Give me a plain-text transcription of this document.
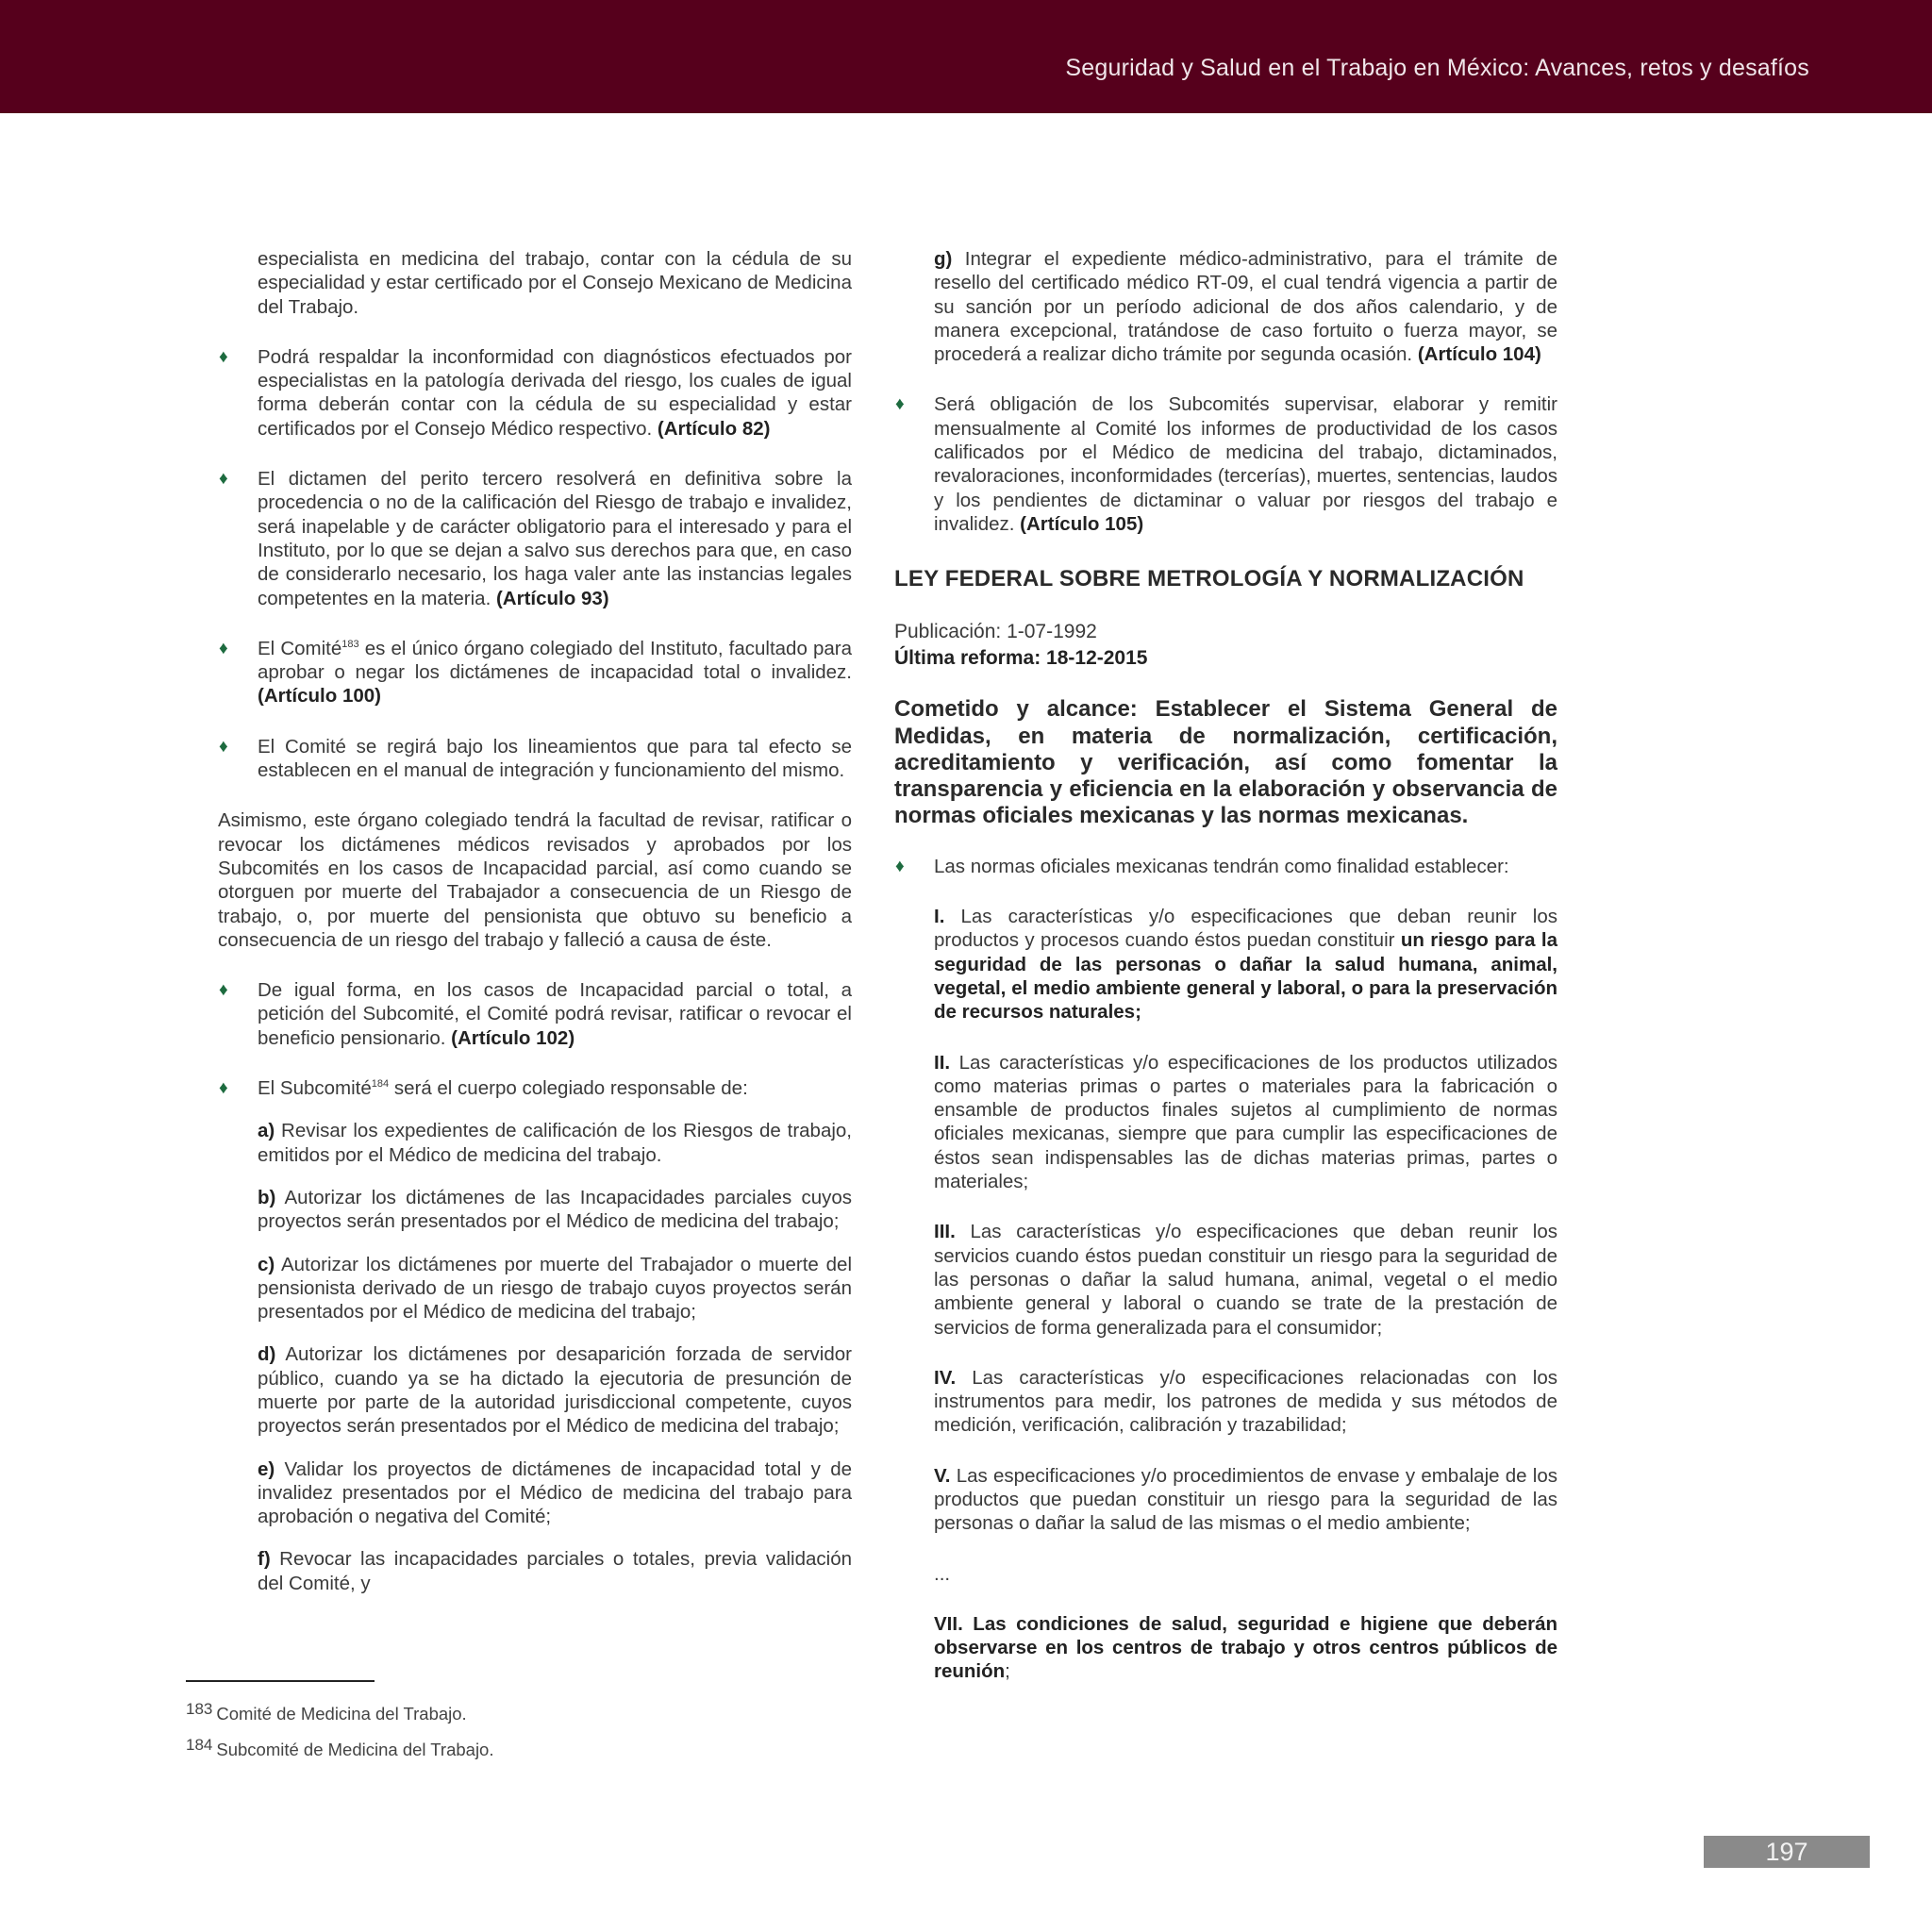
Seguridad y Salud en el Trabajo en México: Avances, retos y desafíos

especialista en medicina del trabajo, contar con la cédula de su especialidad y estar certificado por el Consejo Mexicano de Medicina del Trabajo.

♦ Podrá respaldar la inconformidad con diagnósticos efectuados por especialistas en la patología derivada del riesgo, los cuales de igual forma deberán contar con la cédula de su especialidad y estar certificados por el Consejo Médico respectivo. (Artículo 82)

♦ El dictamen del perito tercero resolverá en definitiva sobre la procedencia o no de la calificación del Riesgo de trabajo e invalidez, será inapelable y de carácter obligatorio para el interesado y para el Instituto, por lo que se dejan a salvo sus derechos para que, en caso de considerarlo necesario, los haga valer ante las instancias legales competentes en la materia. (Artículo 93)

♦ El Comité$^{183}$ es el único órgano colegiado del Instituto, facultado para aprobar o negar los dictámenes de incapacidad total o invalidez. (Artículo 100)

♦ El Comité se regirá bajo los lineamientos que para tal efecto se establecen en el manual de integración y funcionamiento del mismo.

Asimismo, este órgano colegiado tendrá la facultad de revisar, ratificar o revocar los dictámenes médicos revisados y aprobados por los Subcomités en los casos de Incapacidad parcial, así como cuando se otorguen por muerte del Trabajador a consecuencia de un Riesgo de trabajo, o, por muerte del pensionista que obtuvo su beneficio a consecuencia de un riesgo del trabajo y falleció a causa de éste.

♦ De igual forma, en los casos de Incapacidad parcial o total, a petición del Subcomité, el Comité podrá revisar, ratificar o revocar el beneficio pensionario. (Artículo 102)

♦ El Subcomité$^{184}$ será el cuerpo colegiado responsable de:

a) Revisar los expedientes de calificación de los Riesgos de trabajo, emitidos por el Médico de medicina del trabajo.

b) Autorizar los dictámenes de las Incapacidades parciales cuyos proyectos serán presentados por el Médico de medicina del trabajo;

c) Autorizar los dictámenes por muerte del Trabajador o muerte del pensionista derivado de un riesgo de trabajo cuyos proyectos serán presentados por el Médico de medicina del trabajo;

d) Autorizar los dictámenes por desaparición forzada de servidor público, cuando ya se ha dictado la ejecutoria de presunción de muerte por parte de la autoridad jurisdiccional competente, cuyos proyectos serán presentados por el Médico de medicina del trabajo;

e) Validar los proyectos de dictámenes de incapacidad total y de invalidez presentados por el Médico de medicina del trabajo para aprobación o negativa del Comité;

f) Revocar las incapacidades parciales o totales, previa validación del Comité, y

g) Integrar el expediente médico-administrativo, para el trámite de resello del certificado médico RT-09, el cual tendrá vigencia a partir de su sanción por un período adicional de dos años calendario, y de manera excepcional, tratándose de caso fortuito o fuerza mayor, se procederá a realizar dicho trámite por segunda ocasión. (Artículo 104)

♦ Será obligación de los Subcomités supervisar, elaborar y remitir mensualmente al Comité los informes de productividad de los casos calificados por el Médico de medicina del trabajo, dictaminados, revaloraciones, inconformidades (tercerías), muertes, sentencias, laudos y los pendientes de dictaminar o valuar por riesgos del trabajo e invalidez. (Artículo 105)

LEY FEDERAL SOBRE METROLOGÍA Y NORMALIZACIÓN
Publicación: 1-07-1992
Última reforma: 18-12-2015
Cometido y alcance: Establecer el Sistema General de Medidas, en materia de normalización, certificación, acreditamiento y verificación, así como fomentar la transparencia y eficiencia en la elaboración y observancia de normas oficiales mexicanas y las normas mexicanas.

♦ Las normas oficiales mexicanas tendrán como finalidad establecer:

I. Las características y/o especificaciones que deban reunir los productos y procesos cuando éstos puedan constituir un riesgo para la seguridad de las personas o dañar la salud humana, animal, vegetal, el medio ambiente general y laboral, o para la preservación de recursos naturales;

II. Las características y/o especificaciones de los productos utilizados como materias primas o partes o materiales para la fabricación o ensamble de productos finales sujetos al cumplimiento de normas oficiales mexicanas, siempre que para cumplir las especificaciones de éstos sean indispensables las de dichas materias primas, partes o materiales;

III. Las características y/o especificaciones que deban reunir los servicios cuando éstos puedan constituir un riesgo para la seguridad de las personas o dañar la salud humana, animal, vegetal o el medio ambiente general y laboral o cuando se trate de la prestación de servicios de forma generalizada para el consumidor;

IV. Las características y/o especificaciones relacionadas con los instrumentos para medir, los patrones de medida y sus métodos de medición, verificación, calibración y trazabilidad;

V. Las especificaciones y/o procedimientos de envase y embalaje de los productos que puedan constituir un riesgo para la seguridad de las personas o dañar la salud de las mismas o el medio ambiente;

...

VII. Las condiciones de salud, seguridad e higiene que deberán observarse en los centros de trabajo y otros centros públicos de reunión;

183 Comité de Medicina del Trabajo.
184 Subcomité de Medicina del Trabajo.
197
